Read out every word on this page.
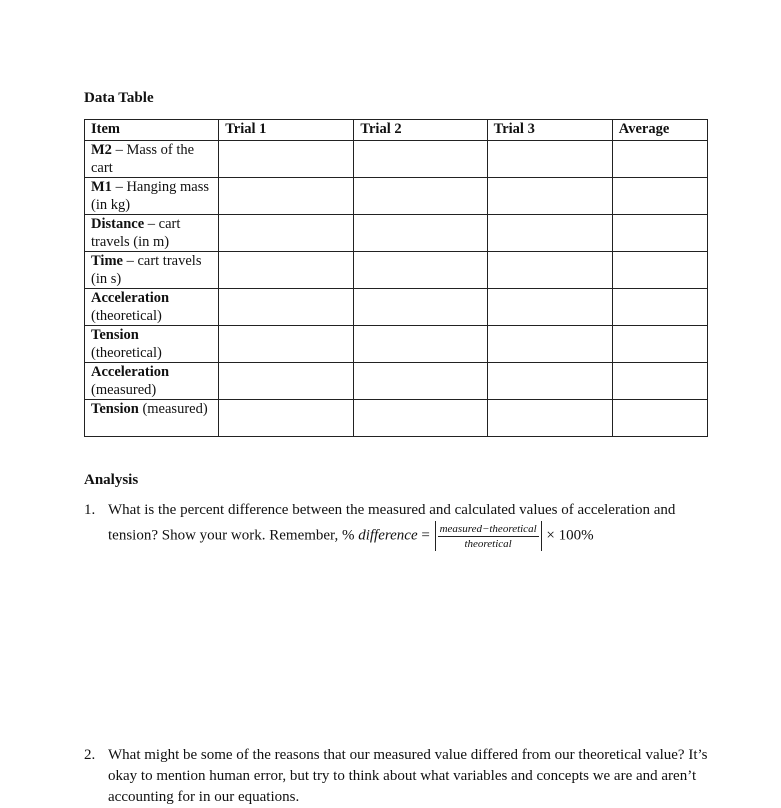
Data Table
Item	Trial 1	Trial 2	Trial 3	Average
M2 – Mass of the cart				
M1 – Hanging mass (in kg)				
Distance – cart travels (in m)				
Time – cart travels (in s)				
Acceleration (theoretical)				
Tension (theoretical)				
Acceleration (measured)				
Tension (measured)				
Analysis
1. What is the percent difference between the measured and calculated values of acceleration and tension? Show your work. Remember, % difference = $\frac{\text{measured−theoretical}}{\text{theoretical}} \times 100\%$
2. What might be some of the reasons that our measured value differed from our theoretical value? It’s okay to mention human error, but try to think about what variables and concepts we are and aren’t accounting for in our equations.
